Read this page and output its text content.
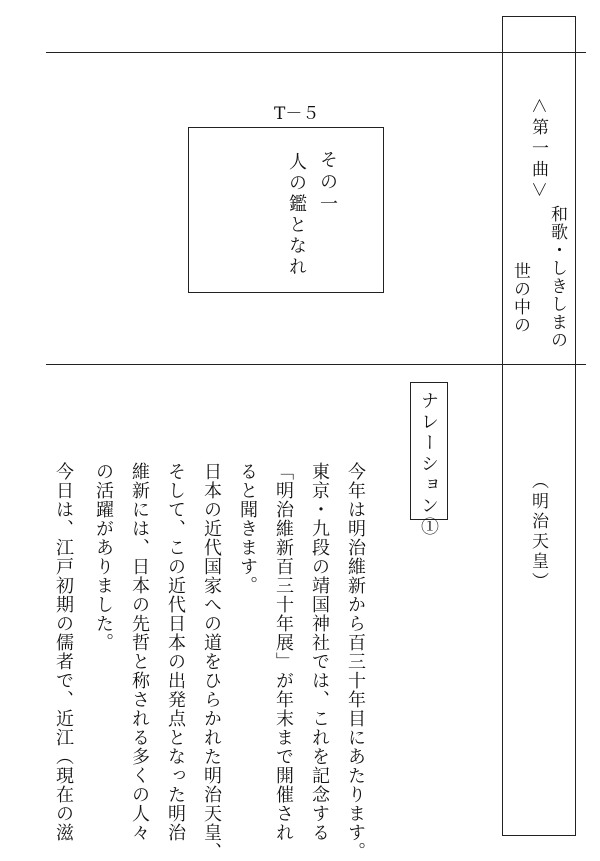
T－５
その一
人の鑑となれ
＜第一曲＞
和歌・しきしまの
世の中の
（明治天皇）
ナレーション①
今年は明治維新から百三十年目にあたります。
東京・九段の靖国神社では、これを記念する
「明治維新百三十年展」が年末まで開催され
ると聞きます。
日本の近代国家への道をひらかれた明治天皇、
そして、この近代日本の出発点となった明治
維新には、日本の先哲と称される多くの人々
の活躍がありました。
今日は、江戸初期の儒者で、近江（現在の滋
